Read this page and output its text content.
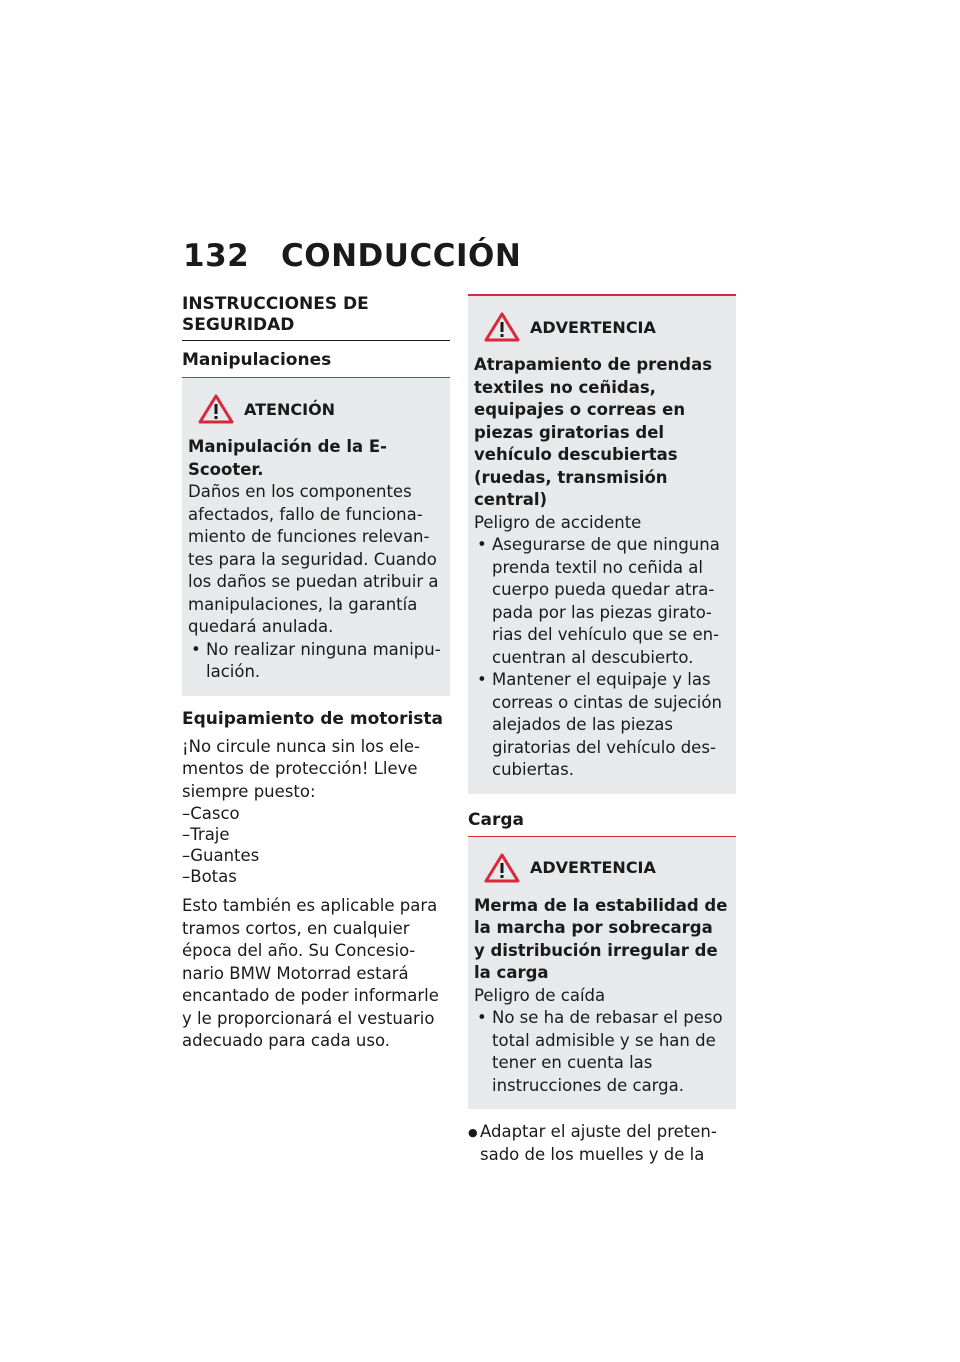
132 CONDUCCIÓN
INSTRUCCIONES DE SEGURIDAD
Manipulaciones
ATENCIÓN
Manipulación de la E-Scooter.
Daños en los componentes afectados, fallo de funcionamiento de funciones relevantes para la seguridad. Cuando los daños se puedan atribuir a manipulaciones, la garantía quedará anulada.
• No realizar ninguna manipulación.
Equipamiento de motorista

¡No circule nunca sin los elementos de protección! Lleve siempre puesto:

– Casco
– Traje
– Guantes
– Botas

Esto también es aplicable para tramos cortos, en cualquier época del año. Su Concesionario BMW Motorrad estará encantado de poder informarle y le proporcionará el vestuario adecuado para cada uso.

ADVERTENCIA
Atrapamiento de prendas textiles no ceñidas, equipajes o correas en piezas giratorias del vehículo descubiertas (ruedas, transmisión central)
Peligro de accidente
• Asegurarse de que ninguna prenda textil no ceñida al cuerpo pueda quedar atrapada por las piezas giratorias del vehículo que se encuentran al descubierto.
• Mantener el equipaje y las correas o cintas de sujeción alejados de las piezas giratorias del vehículo descubiertas.
Carga
ADVERTENCIA
Merma de la estabilidad de la marcha por sobrecarga y distribución irregular de la carga
Peligro de caída
• No se ha de rebasar el peso total admisible y se han de tener en cuenta las instrucciones de carga.
● Adaptar el ajuste del pretensado de los muelles y de la
